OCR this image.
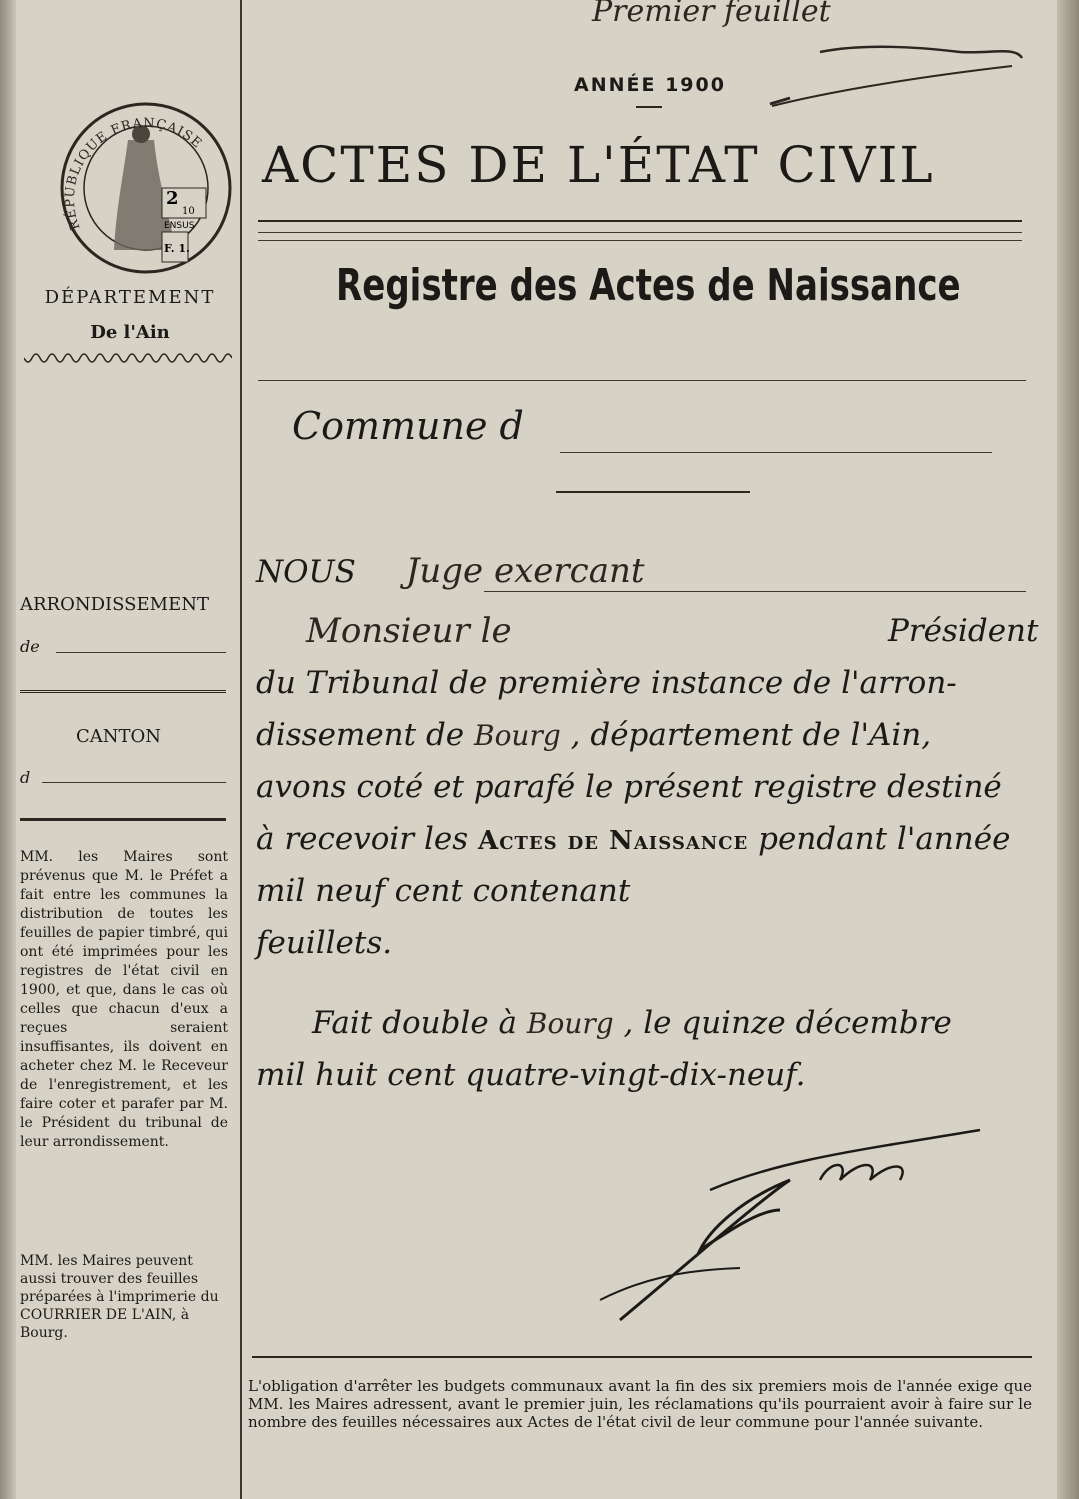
Premier feuillet
2
10
ENSUS
F. 1.
RÉPUBLIQUE FRANÇAISE
DÉPARTEMENT
De l'Ain
ARRONDISSEMENT
de
CANTON
d
MM. les Maires sont prévenus que M. le Préfet a fait entre les communes la distribution de toutes les feuilles de papier timbré, qui ont été imprimées pour les registres de l'état civil en 1900, et que, dans le cas où celles que chacun d'eux a reçues seraient insuffisantes, ils doivent en acheter chez M. le Receveur de l'enregistrement, et les faire coter et parafer par M. le Président du tribunal de leur arrondissement.
MM. les Maires peuvent aussi trouver des feuilles préparées à l'imprimerie du COURRIER DE L'AIN, à Bourg.
ANNÉE 1900
ACTES DE L'ÉTAT CIVIL
Registre des Actes de Naissance
Commune d
NOUS Juge exercant
Monsieur le	Président
du Tribunal de première instance de l'arron-
dissement de Bourg , département de l'Ain,
avons coté et parafé le présent registre destiné
à recevoir les Actes de Naissance pendant l'année
mil neuf cent contenant
feuillets.
Fait double à Bourg , le quinze décembre
mil huit cent quatre-vingt-dix-neuf.
L'obligation d'arrêter les budgets communaux avant la fin des six premiers mois de l'année exige que MM. les Maires adressent, avant le premier juin, les réclamations qu'ils pourraient avoir à faire sur le nombre des feuilles nécessaires aux Actes de l'état civil de leur commune pour l'année suivante.
